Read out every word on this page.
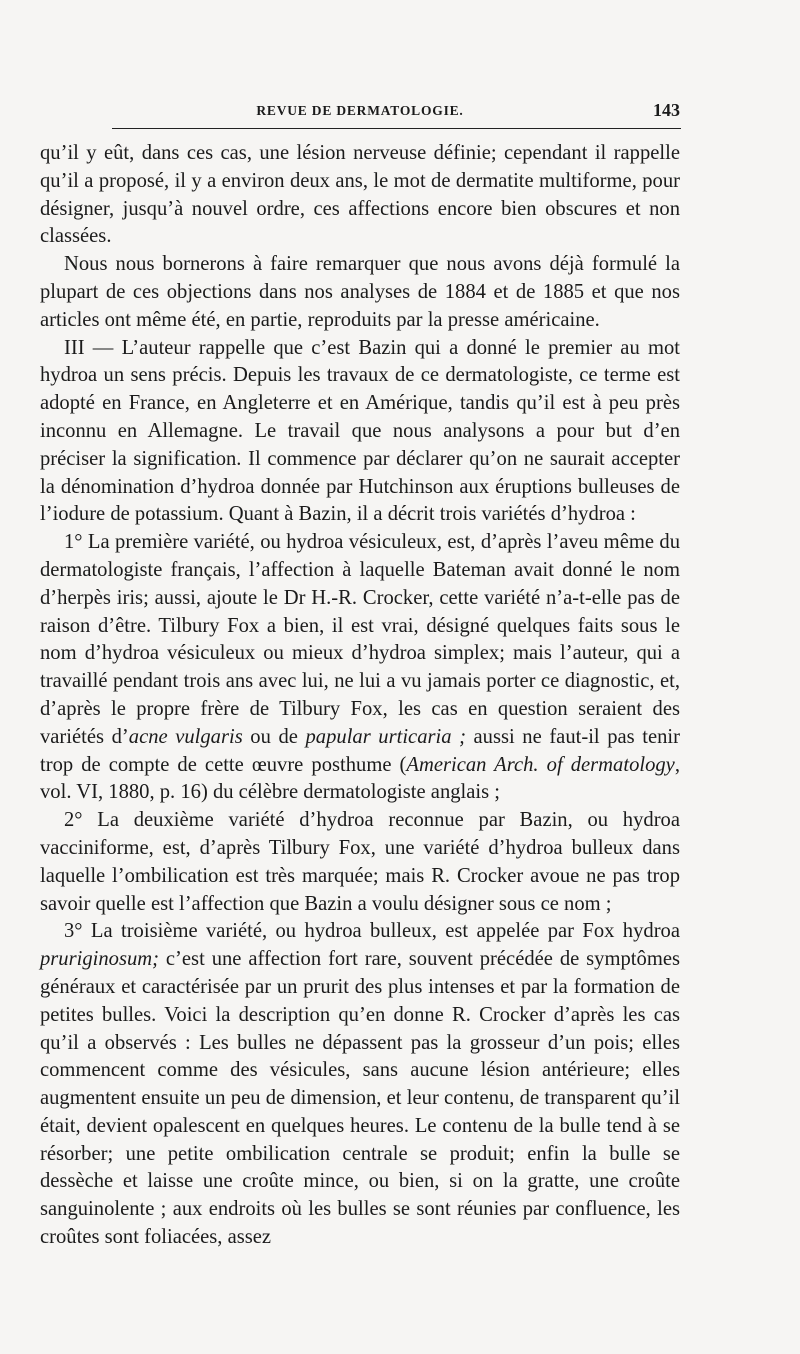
REVUE DE DERMATOLOGIE.	143

qu’il y eût, dans ces cas, une lésion nerveuse définie; cependant il rappelle qu’il a proposé, il y a environ deux ans, le mot de dermatite multiforme, pour désigner, jusqu’à nouvel ordre, ces affections encore bien obscures et non classées.

Nous nous bornerons à faire remarquer que nous avons déjà formulé la plupart de ces objections dans nos analyses de 1884 et de 1885 et que nos articles ont même été, en partie, reproduits par la presse américaine.

III — L’auteur rappelle que c’est Bazin qui a donné le premier au mot hydroa un sens précis. Depuis les travaux de ce dermatologiste, ce terme est adopté en France, en Angleterre et en Amérique, tandis qu’il est à peu près inconnu en Allemagne. Le travail que nous analysons a pour but d’en préciser la signification. Il commence par déclarer qu’on ne saurait accepter la dénomination d’hydroa donnée par Hutchinson aux éruptions bulleuses de l’iodure de potassium. Quant à Bazin, il a décrit trois variétés d’hydroa :

1° La première variété, ou hydroa vésiculeux, est, d’après l’aveu même du dermatologiste français, l’affection à laquelle Bateman avait donné le nom d’herpès iris; aussi, ajoute le Dr H.-R. Crocker, cette variété n’a-t-elle pas de raison d’être. Tilbury Fox a bien, il est vrai, désigné quelques faits sous le nom d’hydroa vésiculeux ou mieux d’hydroa simplex; mais l’auteur, qui a travaillé pendant trois ans avec lui, ne lui a vu jamais porter ce diagnostic, et, d’après le propre frère de Tilbury Fox, les cas en question seraient des variétés d’acne vulgaris ou de papular urticaria ; aussi ne faut-il pas tenir trop de compte de cette œuvre posthume (American Arch. of dermatology, vol. VI, 1880, p. 16) du célèbre dermatologiste anglais ;

2° La deuxième variété d’hydroa reconnue par Bazin, ou hydroa vacciniforme, est, d’après Tilbury Fox, une variété d’hydroa bulleux dans laquelle l’ombilication est très marquée; mais R. Crocker avoue ne pas trop savoir quelle est l’affection que Bazin a voulu désigner sous ce nom ;

3° La troisième variété, ou hydroa bulleux, est appelée par Fox hydroa pruriginosum; c’est une affection fort rare, souvent précédée de symptômes généraux et caractérisée par un prurit des plus intenses et par la formation de petites bulles. Voici la description qu’en donne R. Crocker d’après les cas qu’il a observés : Les bulles ne dépassent pas la grosseur d’un pois; elles commencent comme des vésicules, sans aucune lésion antérieure; elles augmentent ensuite un peu de dimension, et leur contenu, de transparent qu’il était, devient opalescent en quelques heures. Le contenu de la bulle tend à se résorber; une petite ombilication centrale se produit; enfin la bulle se dessèche et laisse une croûte mince, ou bien, si on la gratte, une croûte sanguinolente ; aux endroits où les bulles se sont réunies par confluence, les croûtes sont foliacées, assez
